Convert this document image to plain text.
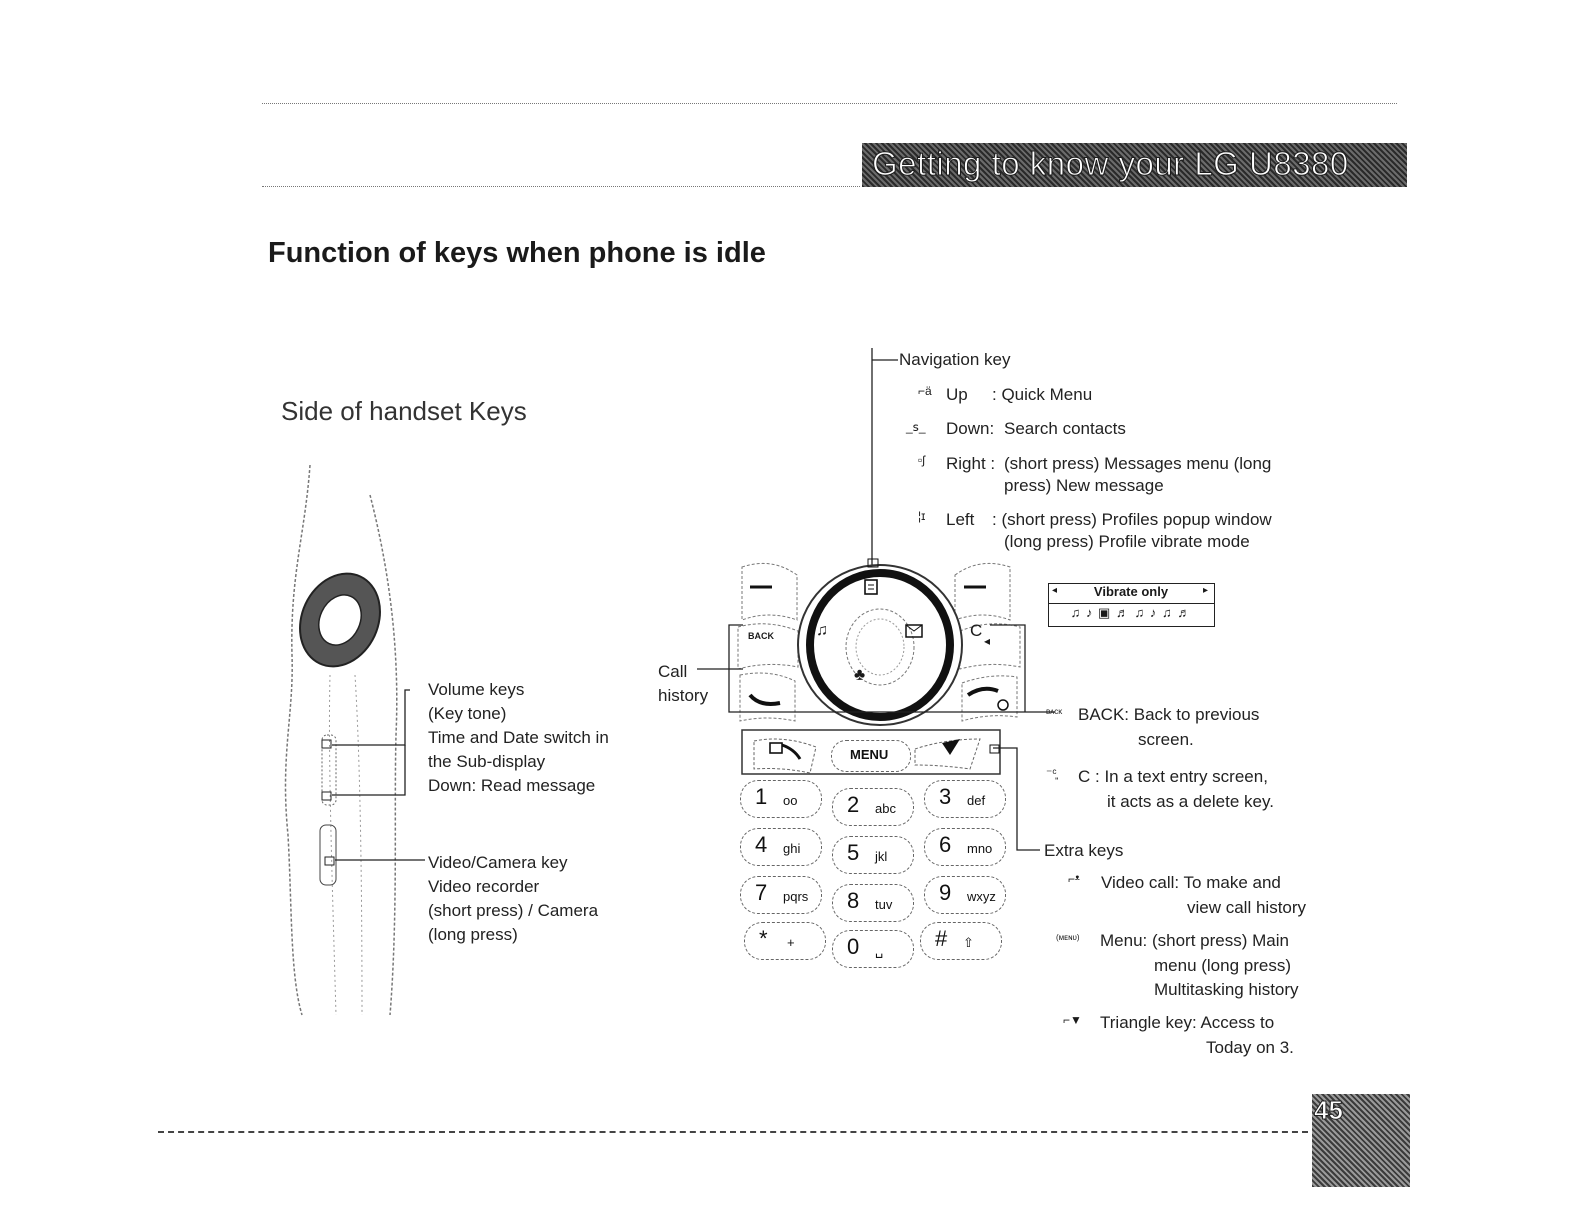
Getting to know your LG U8380
Function of keys when phone is idle
Side of handset Keys
Volume keys
(Key tone)
Time and Date switch in
the Sub-display
Down: Read message
Video/Camera key
Video recorder
(short press) / Camera
(long press)
Navigation key
⌐ä Up : Quick Menu
_ꜱ_ Down: Search contacts
▫ʃ Right : (short press) Messages menu (long
press) New message
¦ɪ Left : (short press) Profiles popup window
(long press) Profile vibrate mode
◂	▸
Vibrate only
♫ ♪ ▣ ♬ ♫ ♪ ♫ ♬
BACK	C
♫
♣
◂
MENU
1 ᴏᴏ 2 abc 3 def
4 ghi 5 jkl 6 mno
7 pqrs 8 tuv 9 wxyz
* + 0 ␣ # ⇧
Call
history
ʙᴀᴄᴋ BACK: Back to previous
screen.
⁻ᶜ͈ C : In a text entry screen,
it acts as a delete key.
Extra keys
⌐ᵜ Video call: To make and
view call history
(ᴍᴇɴᴜ) Menu: (short press) Main
menu (long press)
Multitasking history
⌐▼ Triangle key: Access to
Today on 3.
45
